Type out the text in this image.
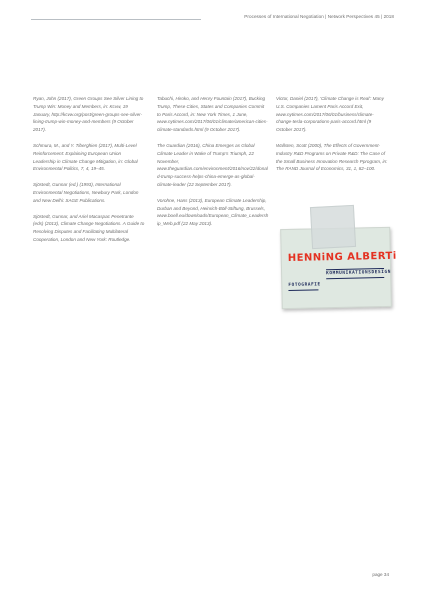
Processes of International Negotiation | Network Perspectives 45 | 2018

Ryan, John (2017), Green Groups See Silver Lining to Trump Win: Money and Members, in: Kcvw, 19 January, http://kcvw.org/post/green-groups-see-silver-lining-trump-win-money-and-members (9 October 2017).

Schmura, M., and Y. Tiberghien (2017), Multi-Level Reinforcement: Explaining European Union Leadership in Climate Change Mitigation, in: Global Environmental Politics, 7, 4, 19–45.

Sjöstedt, Gunnar (ed.) (1993), International Environmental Negotiations, Newbury Park, London and New Delhi: SAGE Publications.

Sjöstedt, Gunnar, and Ariel Macaspac Penetrante (eds) (2013), Climate Change Negotiations. A Guide to Resolving Disputes and Facilitating Multilateral Cooperation, London and New York: Routledge.

Tabuchi, Hiroko, and Henry Fountain (2017), Bucking Trump, These Cities, States and Companies Commit to Paris Accord, in: New York Times, 1 June, www.nytimes.com/2017/06/01/climate/american-cities-climate-standards.html (9 October 2017).

The Guardian (2016), China Emerges as Global Climate Leader in Wake of Trump's Triumph, 22 November, www.theguardian.com/environment/2016/nov/22/donald-trump-success-helps-china-emerge-as-global-climate-leader (22 September 2017).

Vorohne, Hans (2013), European Climate Leadership, Durban and Beyond, Heinrich-Böll-Stiftung, Brussels, www.boell.eu/downloads/European_Climate_Leadership_Web.pdf (22 May 2013).

Victor, Daniel (2017), 'Climate Change is Real': Many U.S. Companies Lament Paris Accord Exit, www.nytimes.com/2017/06/01/business/climate-change-tesla-corporations-paris-accord.html (9 October 2017).

Wallsten, Scott (2000), The Effects of Government-Industry R&D Programs on Private R&D: The Case of the Small Business Innovation Research Pprogram, in: The RAND Journal of Economics, 31, 1, 82–100.

HENNiNG ALBERTi
KOMMUNIKATIONSDESIGN
FOTOGRAFIE
page 34
